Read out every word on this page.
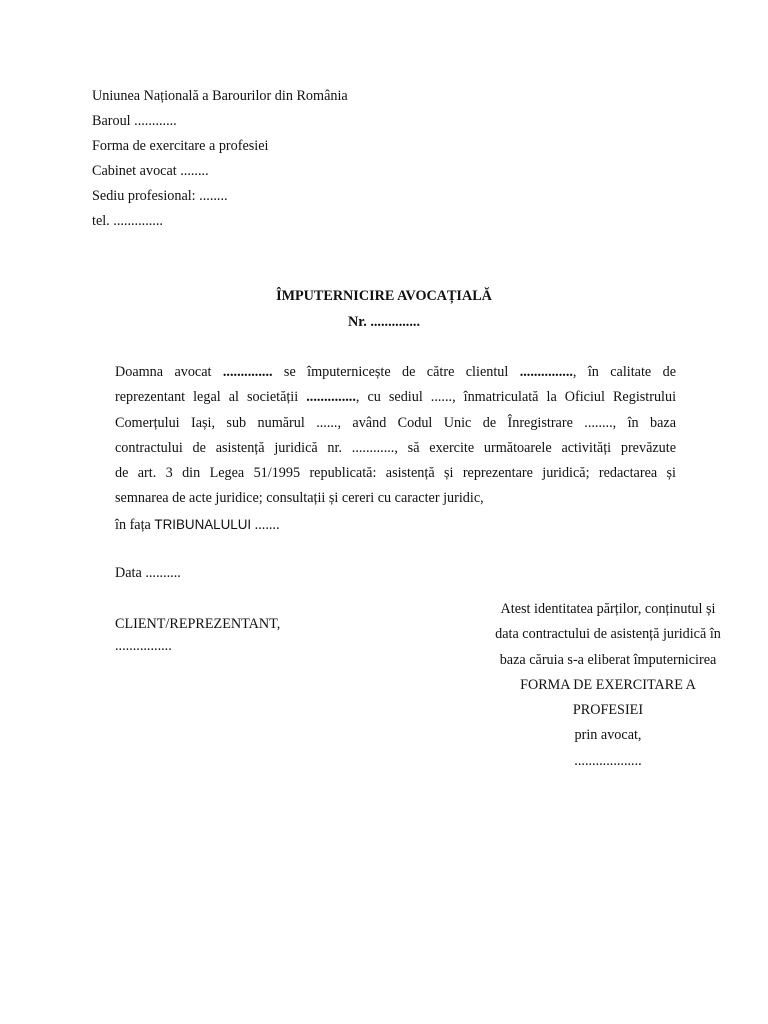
Uniunea Națională a Barourilor din România
Baroul ............
Forma de exercitare a profesiei
Cabinet avocat ........
Sediu profesional: ........
tel. ..............
ÎMPUTERNICIRE AVOCAȚIALĂ
Nr. ..............
Doamna avocat .............. se împuternicește de către clientul ..............., în calitate de
reprezentant legal al societății .............., cu sediul ......, înmatriculată la Oficiul Registrului
Comerțului Iași, sub numărul ......, având Codul Unic de Înregistrare ........, în baza
contractului de asistență juridică nr. ............, să exercite următoarele activități prevăzute
de art. 3 din Legea 51/1995 republicată: asistență și reprezentare juridică; redactarea și
semnarea de acte juridice; consultații și cereri cu caracter juridic,
în fața TRIBUNALULUI .......
Data ..........
CLIENT/REPREZENTANT,
................
Atest identitatea părților, conținutul și
data contractului de asistență juridică în
baza căruia s-a eliberat împuternicirea
FORMA DE EXERCITARE A
PROFESIEI
prin avocat,
...................
